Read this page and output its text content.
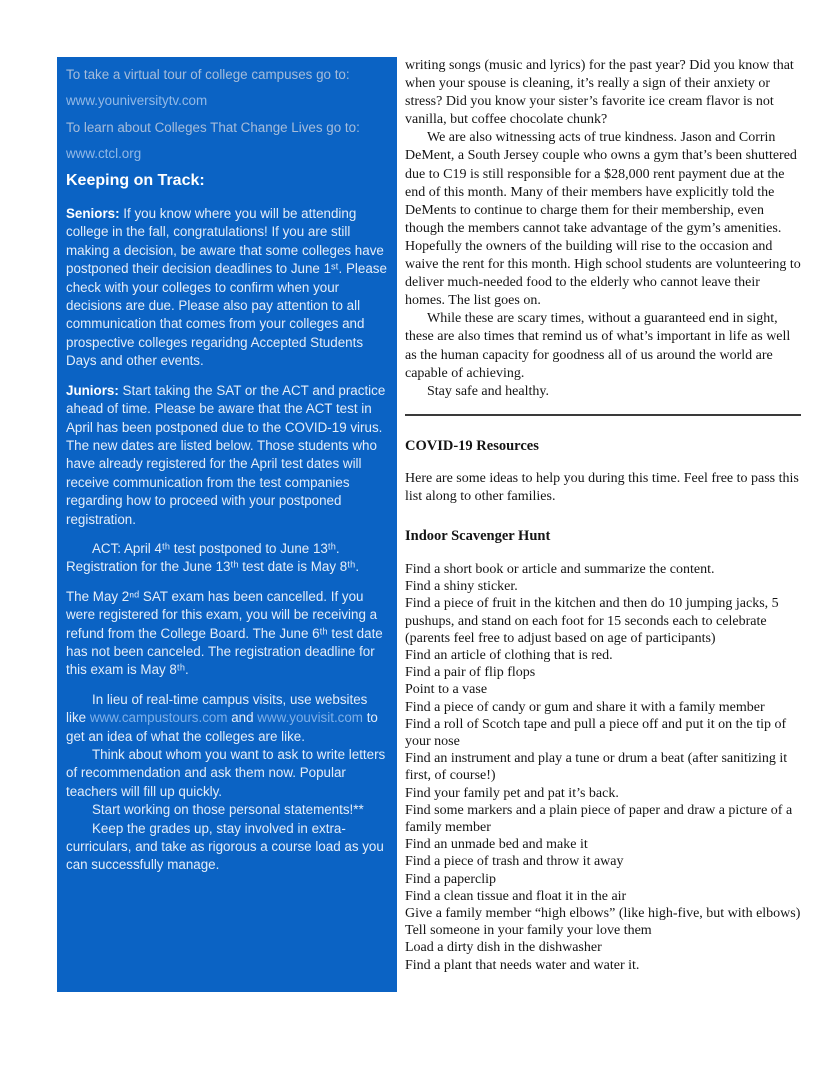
To take a virtual tour of college campuses go to:

www.youniversitytv.com

To learn about Colleges That Change Lives go to:

www.ctcl.org

Keeping on Track:

Seniors: If you know where you will be attending college in the fall, congratulations! If you are still making a decision, be aware that some colleges have postponed their decision deadlines to June 1ˢᵗ. Please check with your colleges to confirm when your decisions are due. Please also pay attention to all communication that comes from your colleges and prospective colleges regaridng Accepted Students Days and other events.

Juniors: Start taking the SAT or the ACT and practice ahead of time. Please be aware that the ACT test in April has been postponed due to the COVID-19 virus. The new dates are listed below. Those students who have already registered for the April test dates will receive communication from the test companies regarding how to proceed with your postponed registration.

ACT: April 4ᵗʰ test postponed to June 13ᵗʰ. Registration for the June 13ᵗʰ test date is May 8ᵗʰ.

The May 2ⁿᵈ SAT exam has been cancelled. If you were registered for this exam, you will be receiving a refund from the College Board. The June 6ᵗʰ test date has not been canceled. The registration deadline for this exam is May 8ᵗʰ.

In lieu of real-time campus visits, use websites like www.campustours.com and www.youvisit.com to get an idea of what the colleges are like.

Think about whom you want to ask to write letters of recommendation and ask them now. Popular teachers will fill up quickly.

Start working on those personal statements!**

Keep the grades up, stay involved in extra-curriculars, and take as rigorous a course load as you can successfully manage.

writing songs (music and lyrics) for the past year? Did you know that when your spouse is cleaning, it’s really a sign of their anxiety or stress? Did you know your sister’s favorite ice cream flavor is not vanilla, but coffee chocolate chunk?

We are also witnessing acts of true kindness. Jason and Corrin DeMent, a South Jersey couple who owns a gym that’s been shuttered due to C19 is still responsible for a $28,000 rent payment due at the end of this month. Many of their members have explicitly told the DeMents to continue to charge them for their membership, even though the members cannot take advantage of the gym’s amenities. Hopefully the owners of the building will rise to the occasion and waive the rent for this month. High school students are volunteering to deliver much-needed food to the elderly who cannot leave their homes. The list goes on.

While these are scary times, without a guaranteed end in sight, these are also times that remind us of what’s important in life as well as the human capacity for goodness all of us around the world are capable of achieving.

Stay safe and healthy.

COVID-19 Resources

Here are some ideas to help you during this time. Feel free to pass this list along to other families.

Indoor Scavenger Hunt
Find a short book or article and summarize the content.
Find a shiny sticker.
Find a piece of fruit in the kitchen and then do 10 jumping jacks, 5 pushups, and stand on each foot for 15 seconds each to celebrate (parents feel free to adjust based on age of participants)
Find an article of clothing that is red.
Find a pair of flip flops
Point to a vase
Find a piece of candy or gum and share it with a family member
Find a roll of Scotch tape and pull a piece off and put it on the tip of your nose
Find an instrument and play a tune or drum a beat (after sanitizing it first, of course!)
Find your family pet and pat it’s back.
Find some markers and a plain piece of paper and draw a picture of a family member
Find an unmade bed and make it
Find a piece of trash and throw it away
Find a paperclip
Find a clean tissue and float it in the air
Give a family member “high elbows” (like high-five, but with elbows)
Tell someone in your family your love them
Load a dirty dish in the dishwasher
Find a plant that needs water and water it.
